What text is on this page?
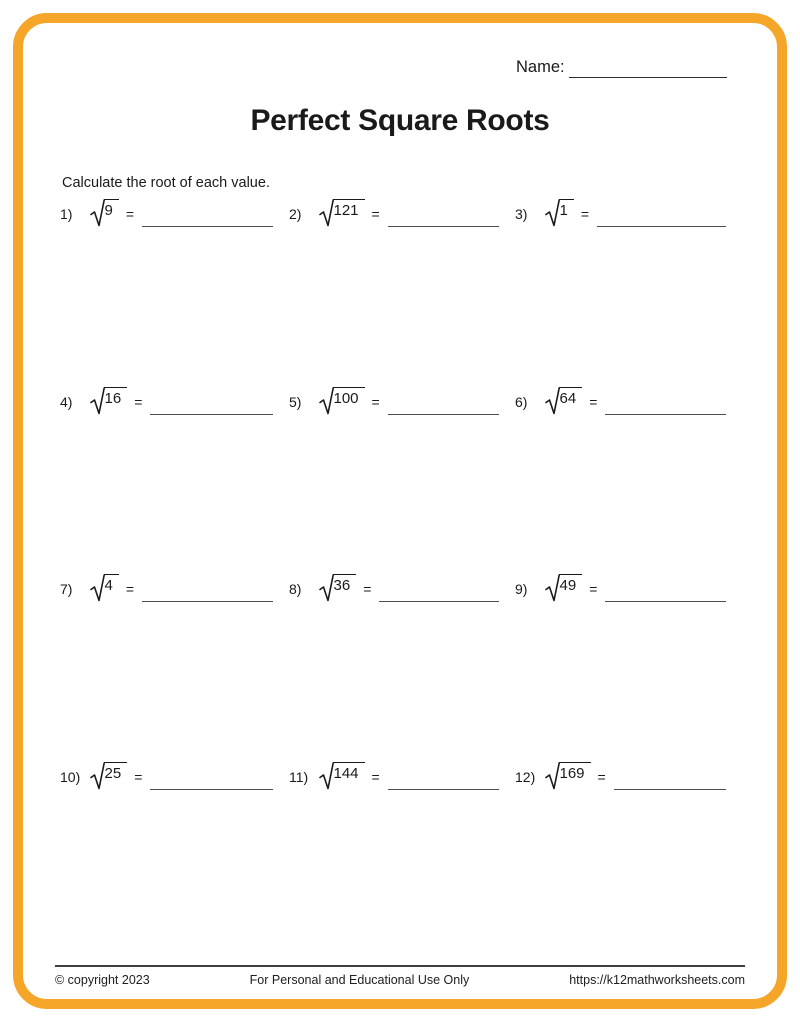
Name:
Perfect Square Roots
Calculate the root of each value.
1)	9 =	2)	121 =	3)	1 =
4)	16 =	5)	100 =	6)	64 =
7)	4 =	8)	36 =	9)	49 =
10)	25 =	11)	144 =	12)	169 =
© copyright 2023	For Personal and Educational Use Only	https://k12mathworksheets.com
